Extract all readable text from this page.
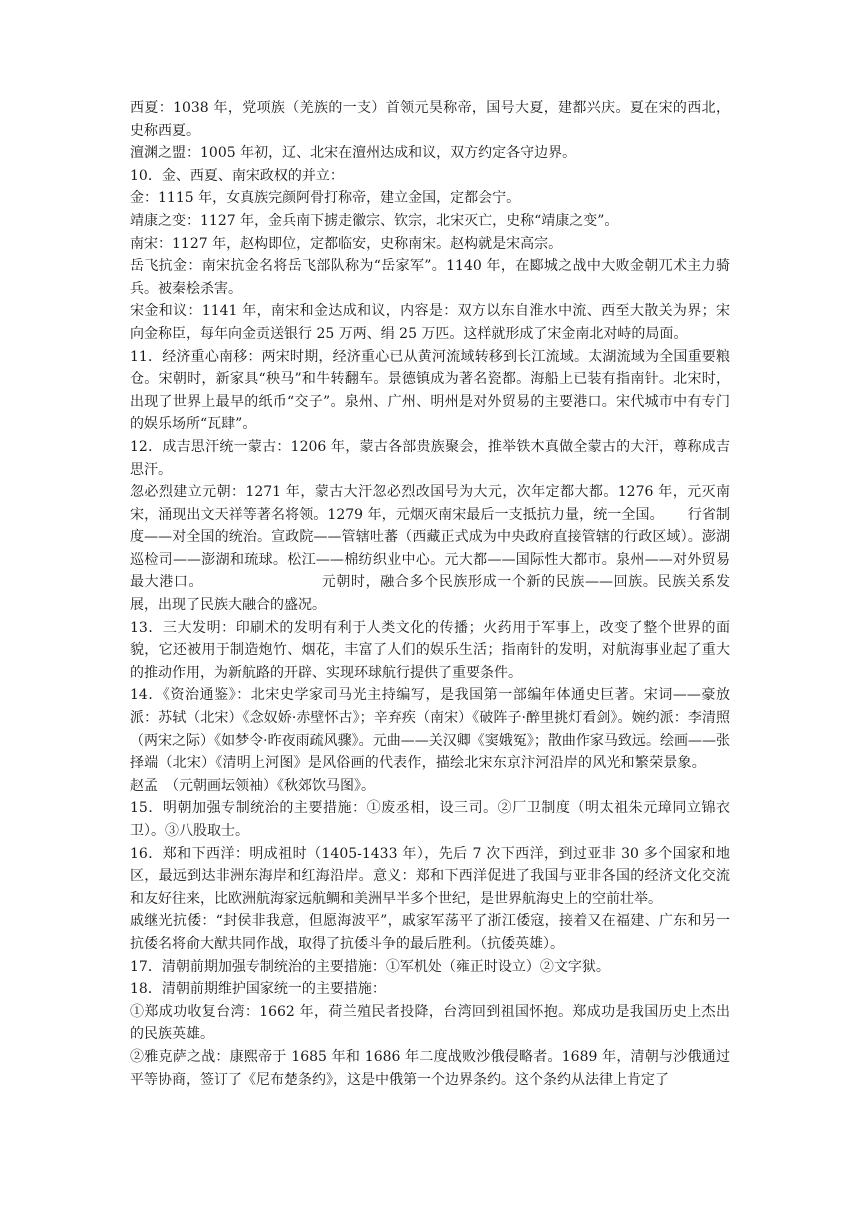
西夏：1038 年，党项族（羌族的一支）首领元昊称帝，国号大夏，建都兴庆。夏在宋的西北，史称西夏。

澶渊之盟：1005 年初，辽、北宋在澶州达成和议，双方约定各守边界。

10．金、西夏、南宋政权的并立：

金：1115 年，女真族完颜阿骨打称帝，建立金国，定都会宁。

靖康之变：1127 年，金兵南下掳走徽宗、钦宗，北宋灭亡，史称“靖康之变”。

南宋：1127 年，赵构即位，定都临安，史称南宋。赵构就是宋高宗。

岳飞抗金：南宋抗金名将岳飞部队称为“岳家军”。1140 年，在郾城之战中大败金朝兀术主力骑兵。被秦桧杀害。

宋金和议：1141 年，南宋和金达成和议，内容是：双方以东自淮水中流、西至大散关为界；宋向金称臣，每年向金贡送银行 25 万两、绢 25 万匹。这样就形成了宋金南北对峙的局面。

11．经济重心南移：两宋时期，经济重心已从黄河流域转移到长江流域。太湖流域为全国重要粮仓。宋朝时，新家具“秧马”和牛转翻车。景德镇成为著名瓷都。海船上已装有指南针。北宋时，出现了世界上最早的纸币“交子”。泉州、广州、明州是对外贸易的主要港口。宋代城市中有专门的娱乐场所“瓦肆”。

12．成吉思汗统一蒙古：1206 年，蒙古各部贵族聚会，推举铁木真做全蒙古的大汗，尊称成吉思汗。

忽必烈建立元朝：1271 年，蒙古大汗忽必烈改国号为大元，次年定都大都。1276 年，元灭南宋，涌现出文天祥等著名将领。1279 年，元烟灭南宋最后一支抵抗力量，统一全国。 行省制度——对全国的统治。宣政院——管辖吐蕃（西藏正式成为中央政府直接管辖的行政区域）。澎湖巡检司——澎湖和琉球。松江——棉纺织业中心。元大都——国际性大都市。泉州——对外贸易最大港口。	元朝时，融合多个民族形成一个新的民族——回族。民族关系发展，出现了民族大融合的盛况。

13．三大发明：印刷术的发明有利于人类文化的传播；火药用于军事上，改变了整个世界的面貌，它还被用于制造炮竹、烟花，丰富了人们的娱乐生活；指南针的发明，对航海事业起了重大的推动作用，为新航路的开辟、实现环球航行提供了重要条件。

14．《资治通鉴》：北宋史学家司马光主持编写，是我国第一部编年体通史巨著。宋词——豪放派：苏轼（北宋）《念奴娇·赤壁怀古》；辛弃疾（南宋）《破阵子·醉里挑灯看剑》。婉约派：李清照（两宋之际）《如梦令·昨夜雨疏风骤》。元曲——关汉卿《窦娥冤》；散曲作家马致远。绘画——张择端（北宋）《清明上河图》是风俗画的代表作，描绘北宋东京汴河沿岸的风光和繁荣景象。赵孟　（元朝画坛领袖）《秋郊饮马图》。

15．明朝加强专制统治的主要措施：①废丞相，设三司。②厂卫制度（明太祖朱元璋同立锦衣卫）。③八股取士。

16．郑和下西洋：明成祖时（1405-1433 年），先后 7 次下西洋，到过亚非 30 多个国家和地区，最远到达非洲东海岸和红海沿岸。意义：郑和下西洋促进了我国与亚非各国的经济文化交流和友好往来，比欧洲航海家远航鲷和美洲早半多个世纪，是世界航海史上的空前壮举。

戚继光抗倭：“封侯非我意，但愿海波平”，戚家军荡平了浙江倭寇，接着又在福建、广东和另一抗倭名将俞大猷共同作战，取得了抗倭斗争的最后胜利。（抗倭英雄）。

17．清朝前期加强专制统治的主要措施：①军机处（雍正时设立）②文字狱。

18．清朝前期维护国家统一的主要措施：

①郑成功收复台湾：1662 年，荷兰殖民者投降，台湾回到祖国怀抱。郑成功是我国历史上杰出的民族英雄。

②雅克萨之战：康熙帝于 1685 年和 1686 年二度战败沙俄侵略者。1689 年，清朝与沙俄通过平等协商，签订了《尼布楚条约》，这是中俄第一个边界条约。这个条约从法律上肯定了
